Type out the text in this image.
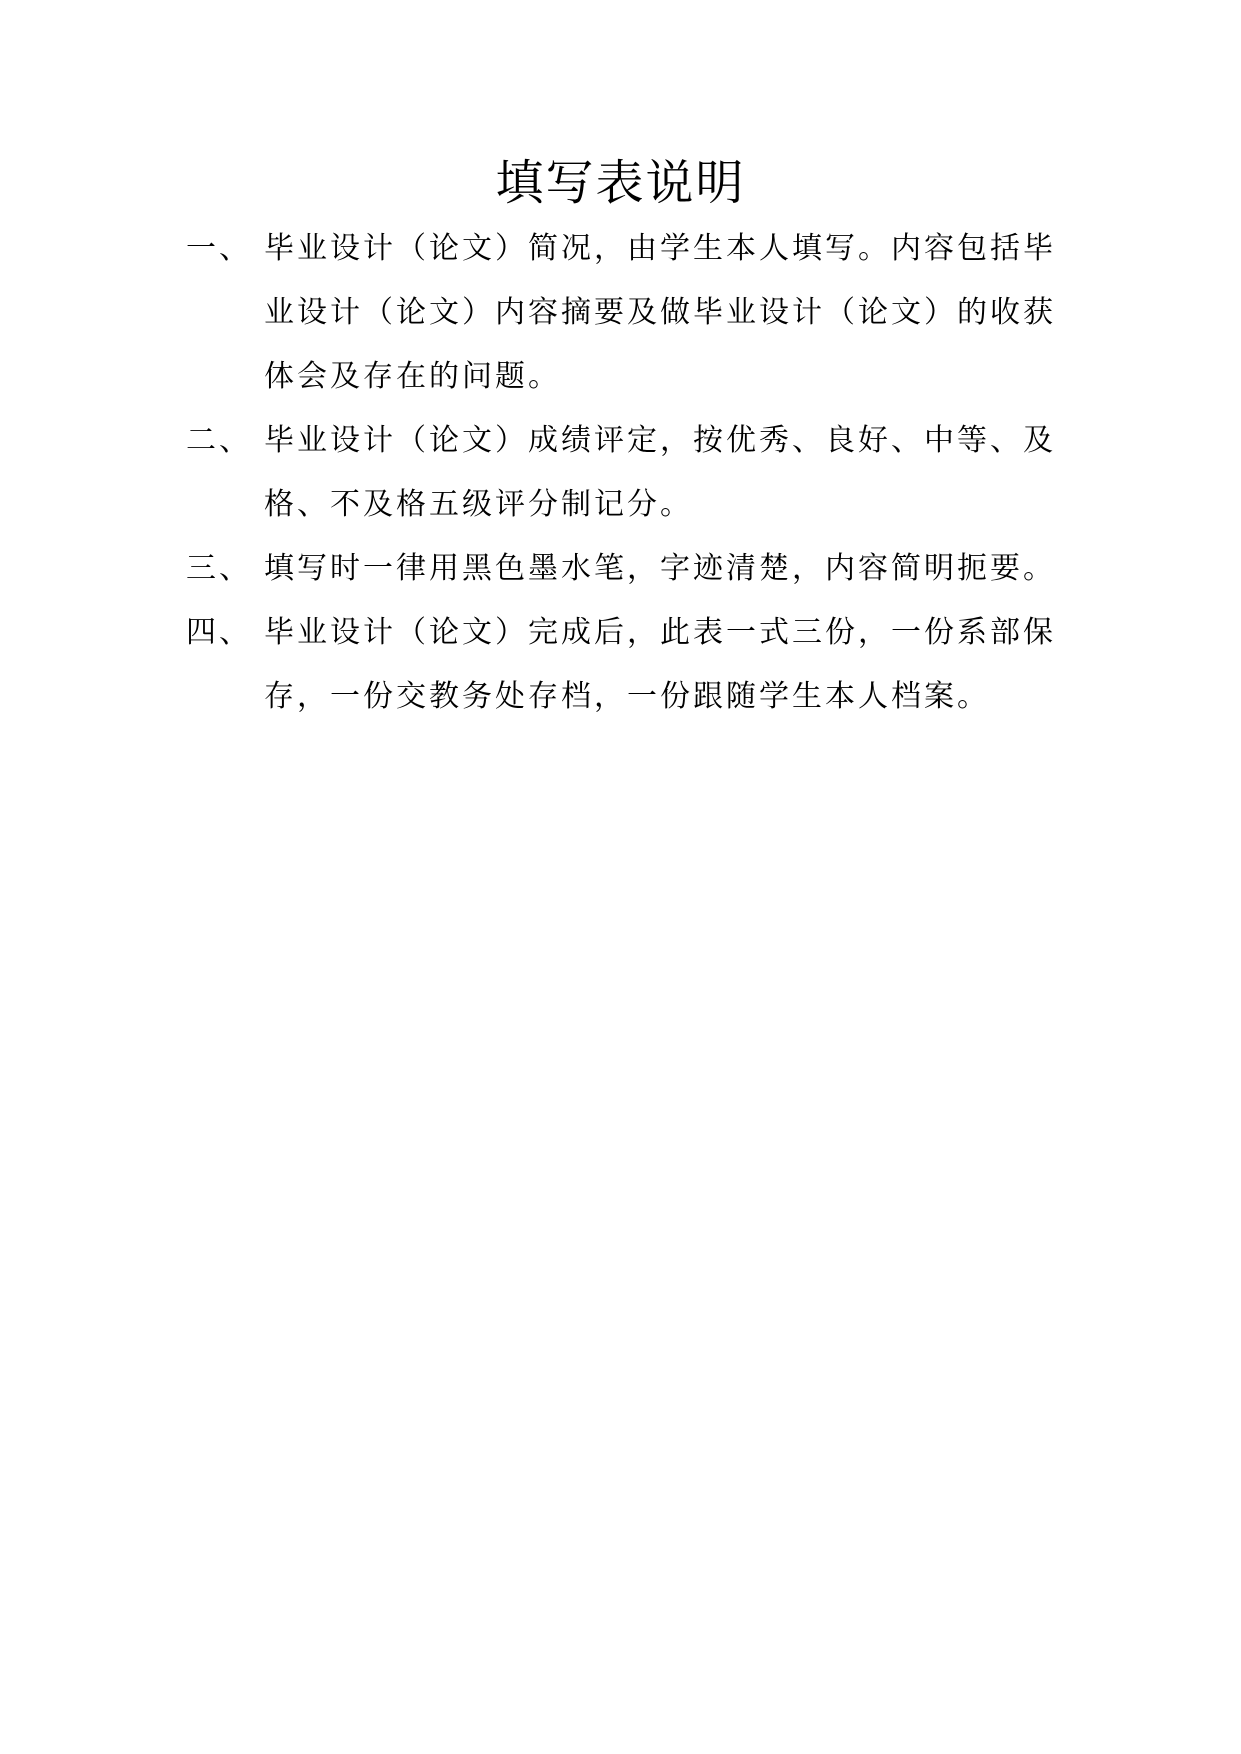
填写表说明
一、 毕业设计（论文）简况，由学生本人填写。内容包括毕业设计（论文）内容摘要及做毕业设计（论文）的收获体会及存在的问题。
二、 毕业设计（论文）成绩评定，按优秀、良好、中等、及格、不及格五级评分制记分。
三、 填写时一律用黑色墨水笔，字迹清楚，内容简明扼要。
四、 毕业设计（论文）完成后，此表一式三份，一份系部保存，一份交教务处存档，一份跟随学生本人档案。
